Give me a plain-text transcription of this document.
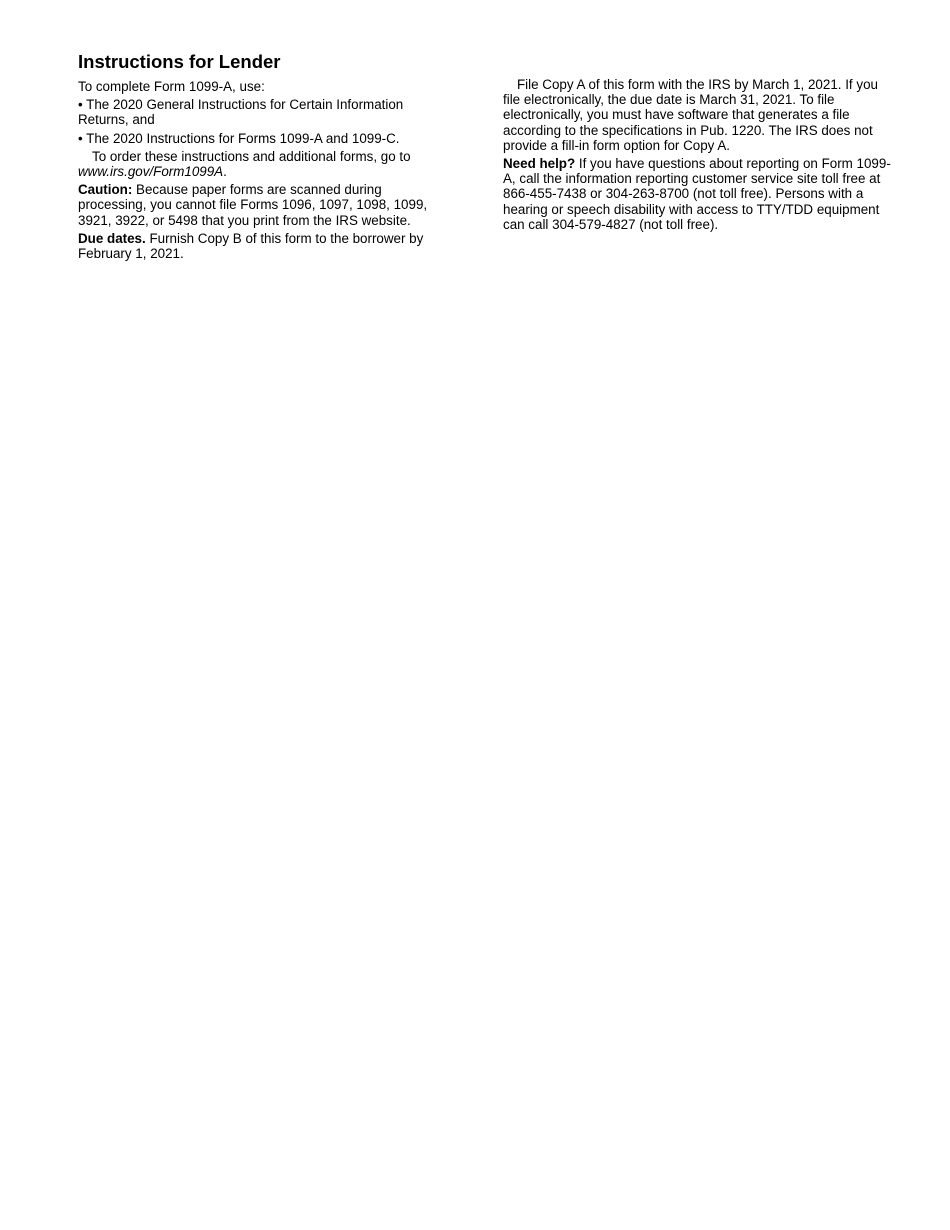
Instructions for Lender

To complete Form 1099-A, use:

• The 2020 General Instructions for Certain Information Returns, and

• The 2020 Instructions for Forms 1099-A and 1099-C.

To order these instructions and additional forms, go to
www.irs.gov/Form1099A.

Caution: Because paper forms are scanned during processing, you cannot file Forms 1096, 1097, 1098, 1099, 3921, 3922, or 5498 that you print from the IRS website.

Due dates. Furnish Copy B of this form to the borrower by February 1, 2021.

File Copy A of this form with the IRS by March 1, 2021. If you file electronically, the due date is March 31, 2021. To file electronically, you must have software that generates a file according to the specifications in Pub. 1220. The IRS does not provide a fill-in form option for Copy A.

Need help? If you have questions about reporting on Form 1099-A, call the information reporting customer service site toll free at 866-455-7438 or 304-263-8700 (not toll free). Persons with a hearing or speech disability with access to TTY/TDD equipment can call 304-579-4827 (not toll free).
